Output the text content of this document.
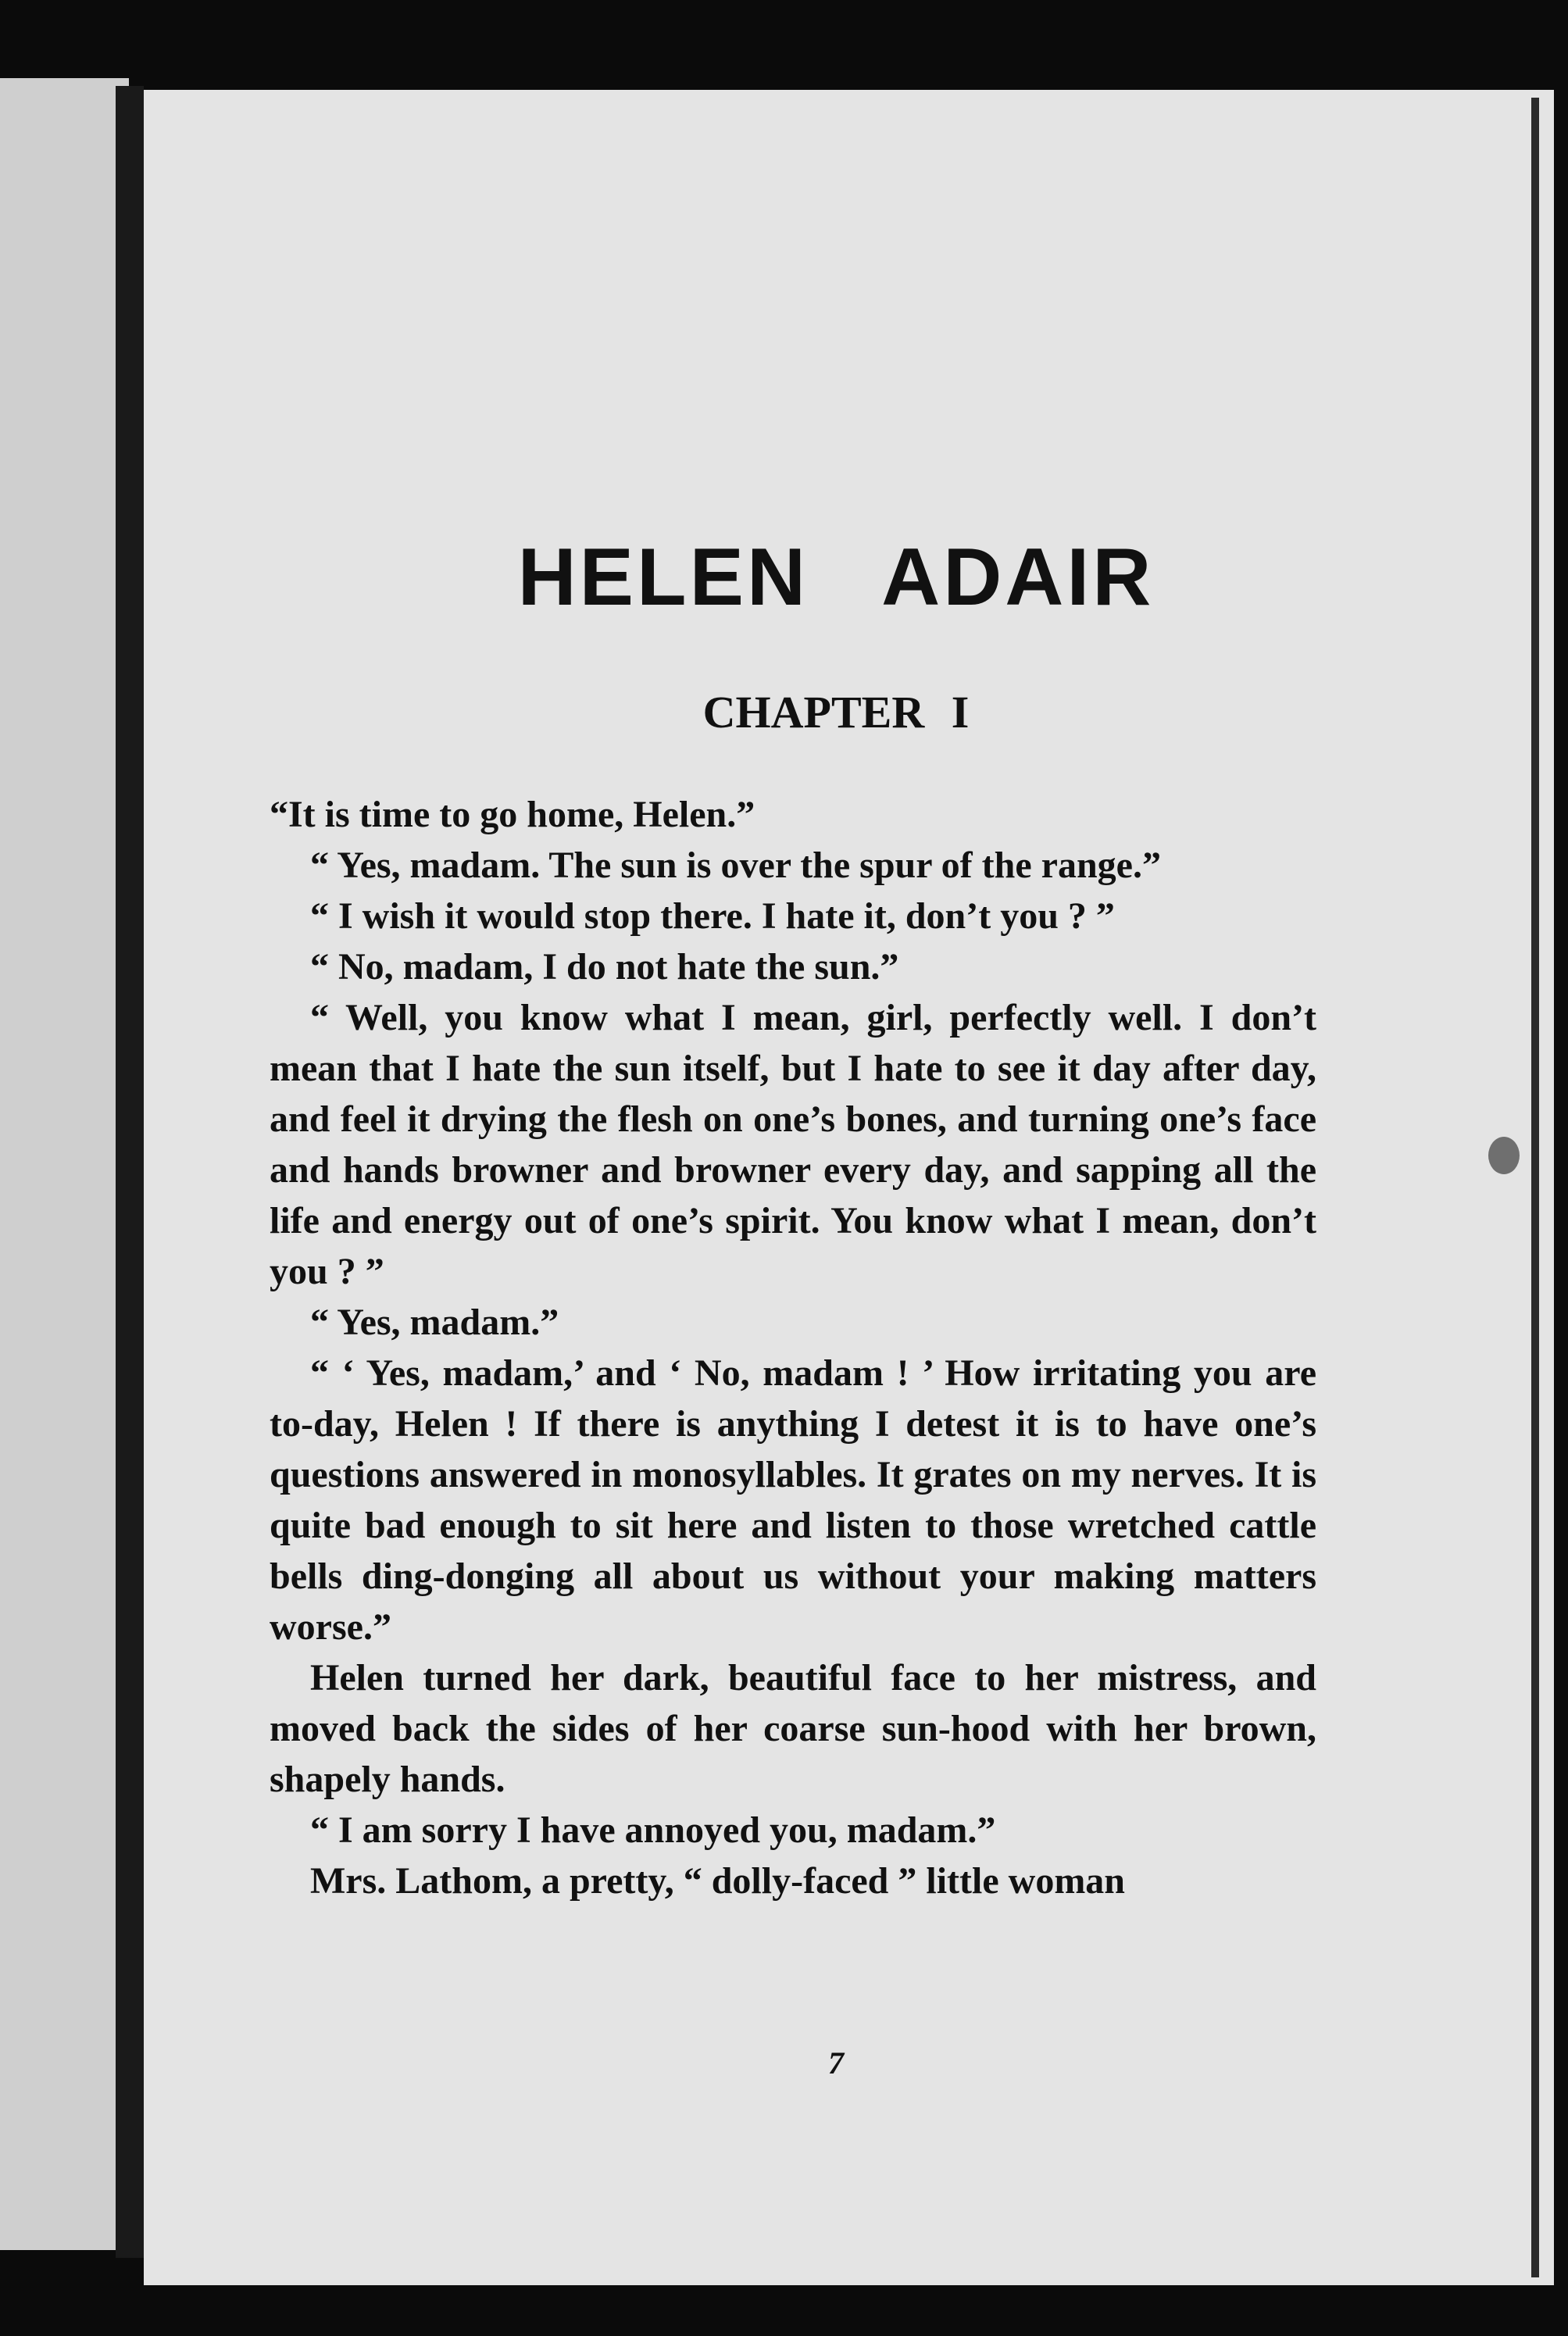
HELEN ADAIR
CHAPTER I

“It is time to go home, Helen.”

“ Yes, madam. The sun is over the spur of the range.”

“ I wish it would stop there. I hate it, don’t you ? ”

“ No, madam, I do not hate the sun.”

“ Well, you know what I mean, girl, perfectly well. I don’t mean that I hate the sun itself, but I hate to see it day after day, and feel it drying the flesh on one’s bones, and turning one’s face and hands browner and browner every day, and sapping all the life and energy out of one’s spirit. You know what I mean, don’t you ? ”

“ Yes, madam.”

“ ‘ Yes, madam,’ and ‘ No, madam ! ’ How irritating you are to-day, Helen ! If there is anything I detest it is to have one’s questions answered in monosyllables. It grates on my nerves. It is quite bad enough to sit here and listen to those wretched cattle bells ding-donging all about us without your making matters worse.”

Helen turned her dark, beautiful face to her mistress, and moved back the sides of her coarse sun-hood with her brown, shapely hands.

“ I am sorry I have annoyed you, madam.”

Mrs. Lathom, a pretty, “ dolly-faced ” little woman

7
